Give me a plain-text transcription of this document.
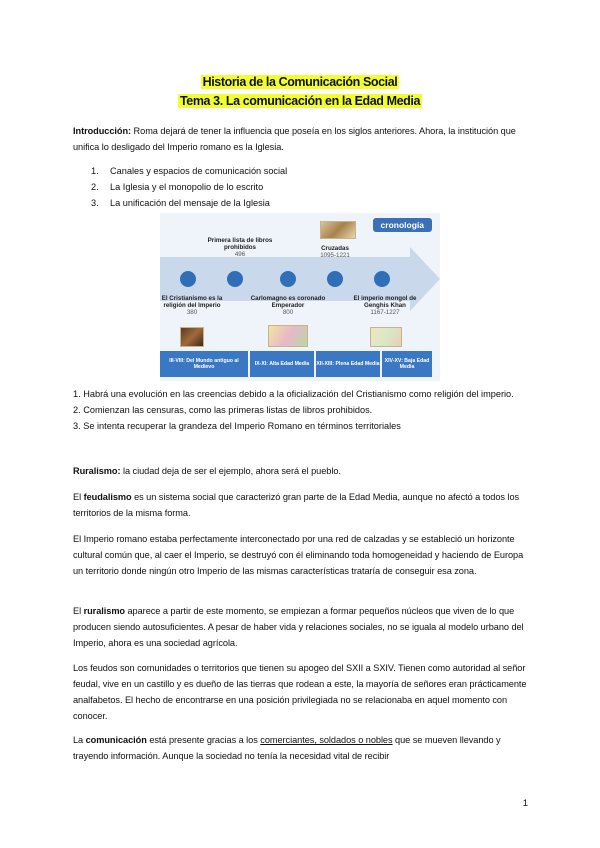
Historia de la Comunicación Social
Tema 3. La comunicación en la Edad Media

Introducción: Roma dejará de tener la influencia que poseía en los siglos anteriores. Ahora, la institución que unifica lo desligado del Imperio romano es la Iglesia.

1.	Canales y espacios de comunicación social
2.	La Iglesia y el monopolio de lo escrito
3.	La unificación del mensaje de la Iglesia
cronología
Primera lista de libros prohibidos
496
Cruzadas
1095-1221
El Cristianismo es la religión del Imperio
380
Carlomagno es coronado Emperador
800
El imperio mongol de Genghis Khan
1167-1227
III-VIII: Del Mundo antiguo al Medievo	IX-XI: Alta Edad Media XII-XIII: Plena Edad Media XIV-XV: Baja Edad Media
1. Habrá una evolución en las creencias debido a la oficialización del Cristianismo como religión del imperio.
2. Comienzan las censuras, como las primeras listas de libros prohibidos.
3. Se intenta recuperar la grandeza del Imperio Romano en términos territoriales

Ruralismo: la ciudad deja de ser el ejemplo, ahora será el pueblo.

El feudalismo es un sistema social que caracterizó gran parte de la Edad Media, aunque no afectó a todos los territorios de la misma forma.

El Imperio romano estaba perfectamente interconectado por una red de calzadas y se estableció un horizonte cultural común que, al caer el Imperio, se destruyó con él eliminando toda homogeneidad y haciendo de Europa un territorio donde ningún otro Imperio de las mismas características trataría de conseguir esa zona.

El ruralismo aparece a partir de este momento, se empiezan a formar pequeños núcleos que viven de lo que producen siendo autosuficientes. A pesar de haber vida y relaciones sociales, no se iguala al modelo urbano del Imperio, ahora es una sociedad agrícola.

Los feudos son comunidades o territorios que tienen su apogeo del SXII a SXIV. Tienen como autoridad al señor feudal, vive en un castillo y es dueño de las tierras que rodean a este, la mayoría de señores eran prácticamente analfabetos. El hecho de encontrarse en una posición privilegiada no se relacionaba en aquel momento con conocer.

La comunicación está presente gracias a los comerciantes, soldados o nobles que se mueven llevando y trayendo información. Aunque la sociedad no tenía la necesidad vital de recibir

1
